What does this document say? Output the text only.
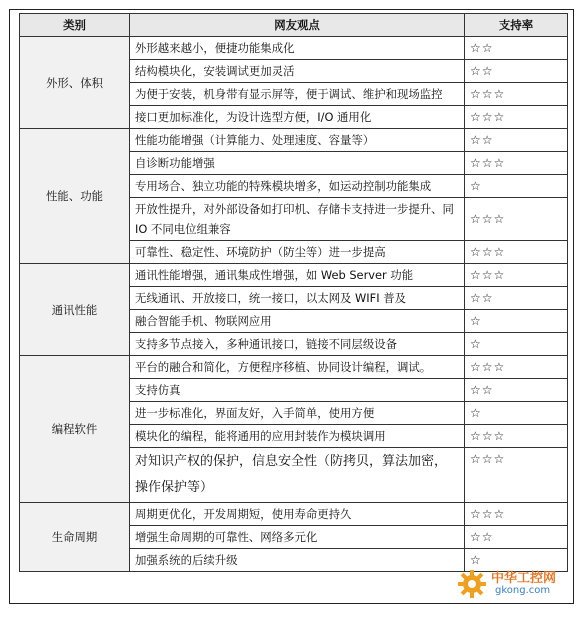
类别	网友观点	支持率
外形、体积	外形越来越小，便捷功能集成化	☆☆
	结构模块化，安装调试更加灵活	☆☆
	为便于安装，机身带有显示屏等，便于调试、维护和现场监控	☆☆☆
	接口更加标准化，为设计选型方便，I/O 通用化	☆☆☆
性能、功能	性能功能增强（计算能力、处理速度、容量等）	☆☆
	自诊断功能增强	☆☆☆
	专用场合、独立功能的特殊模块增多，如运动控制功能集成	☆
	开放性提升，对外部设备如打印机、存储卡支持进一步提升、同 IO 不同电位组兼容	☆☆☆
	可靠性、稳定性、环境防护（防尘等）进一步提高	☆☆☆
通讯性能	通讯性能增强，通讯集成性增强，如 Web Server 功能	☆☆☆
	无线通讯、开放接口，统一接口，以太网及 WIFI 普及	☆☆
	融合智能手机、物联网应用	☆
	支持多节点接入，多种通讯接口，链接不同层级设备	☆
编程软件	平台的融合和简化，方便程序移植、协同设计编程，调试。	☆☆☆
	支持仿真	☆☆
	进一步标准化，界面友好，入手简单，使用方便	☆
	模块化的编程，能将通用的应用封装作为模块调用	☆☆☆
	对知识产权的保护，信息安全性（防拷贝，算法加密，操作保护等）	☆☆☆
生命周期	周期更优化，开发周期短，使用寿命更持久	☆☆☆
	增强生命周期的可靠性、网络多元化	☆☆
	加强系统的后续升级	☆
中华工控网
gkong.com
